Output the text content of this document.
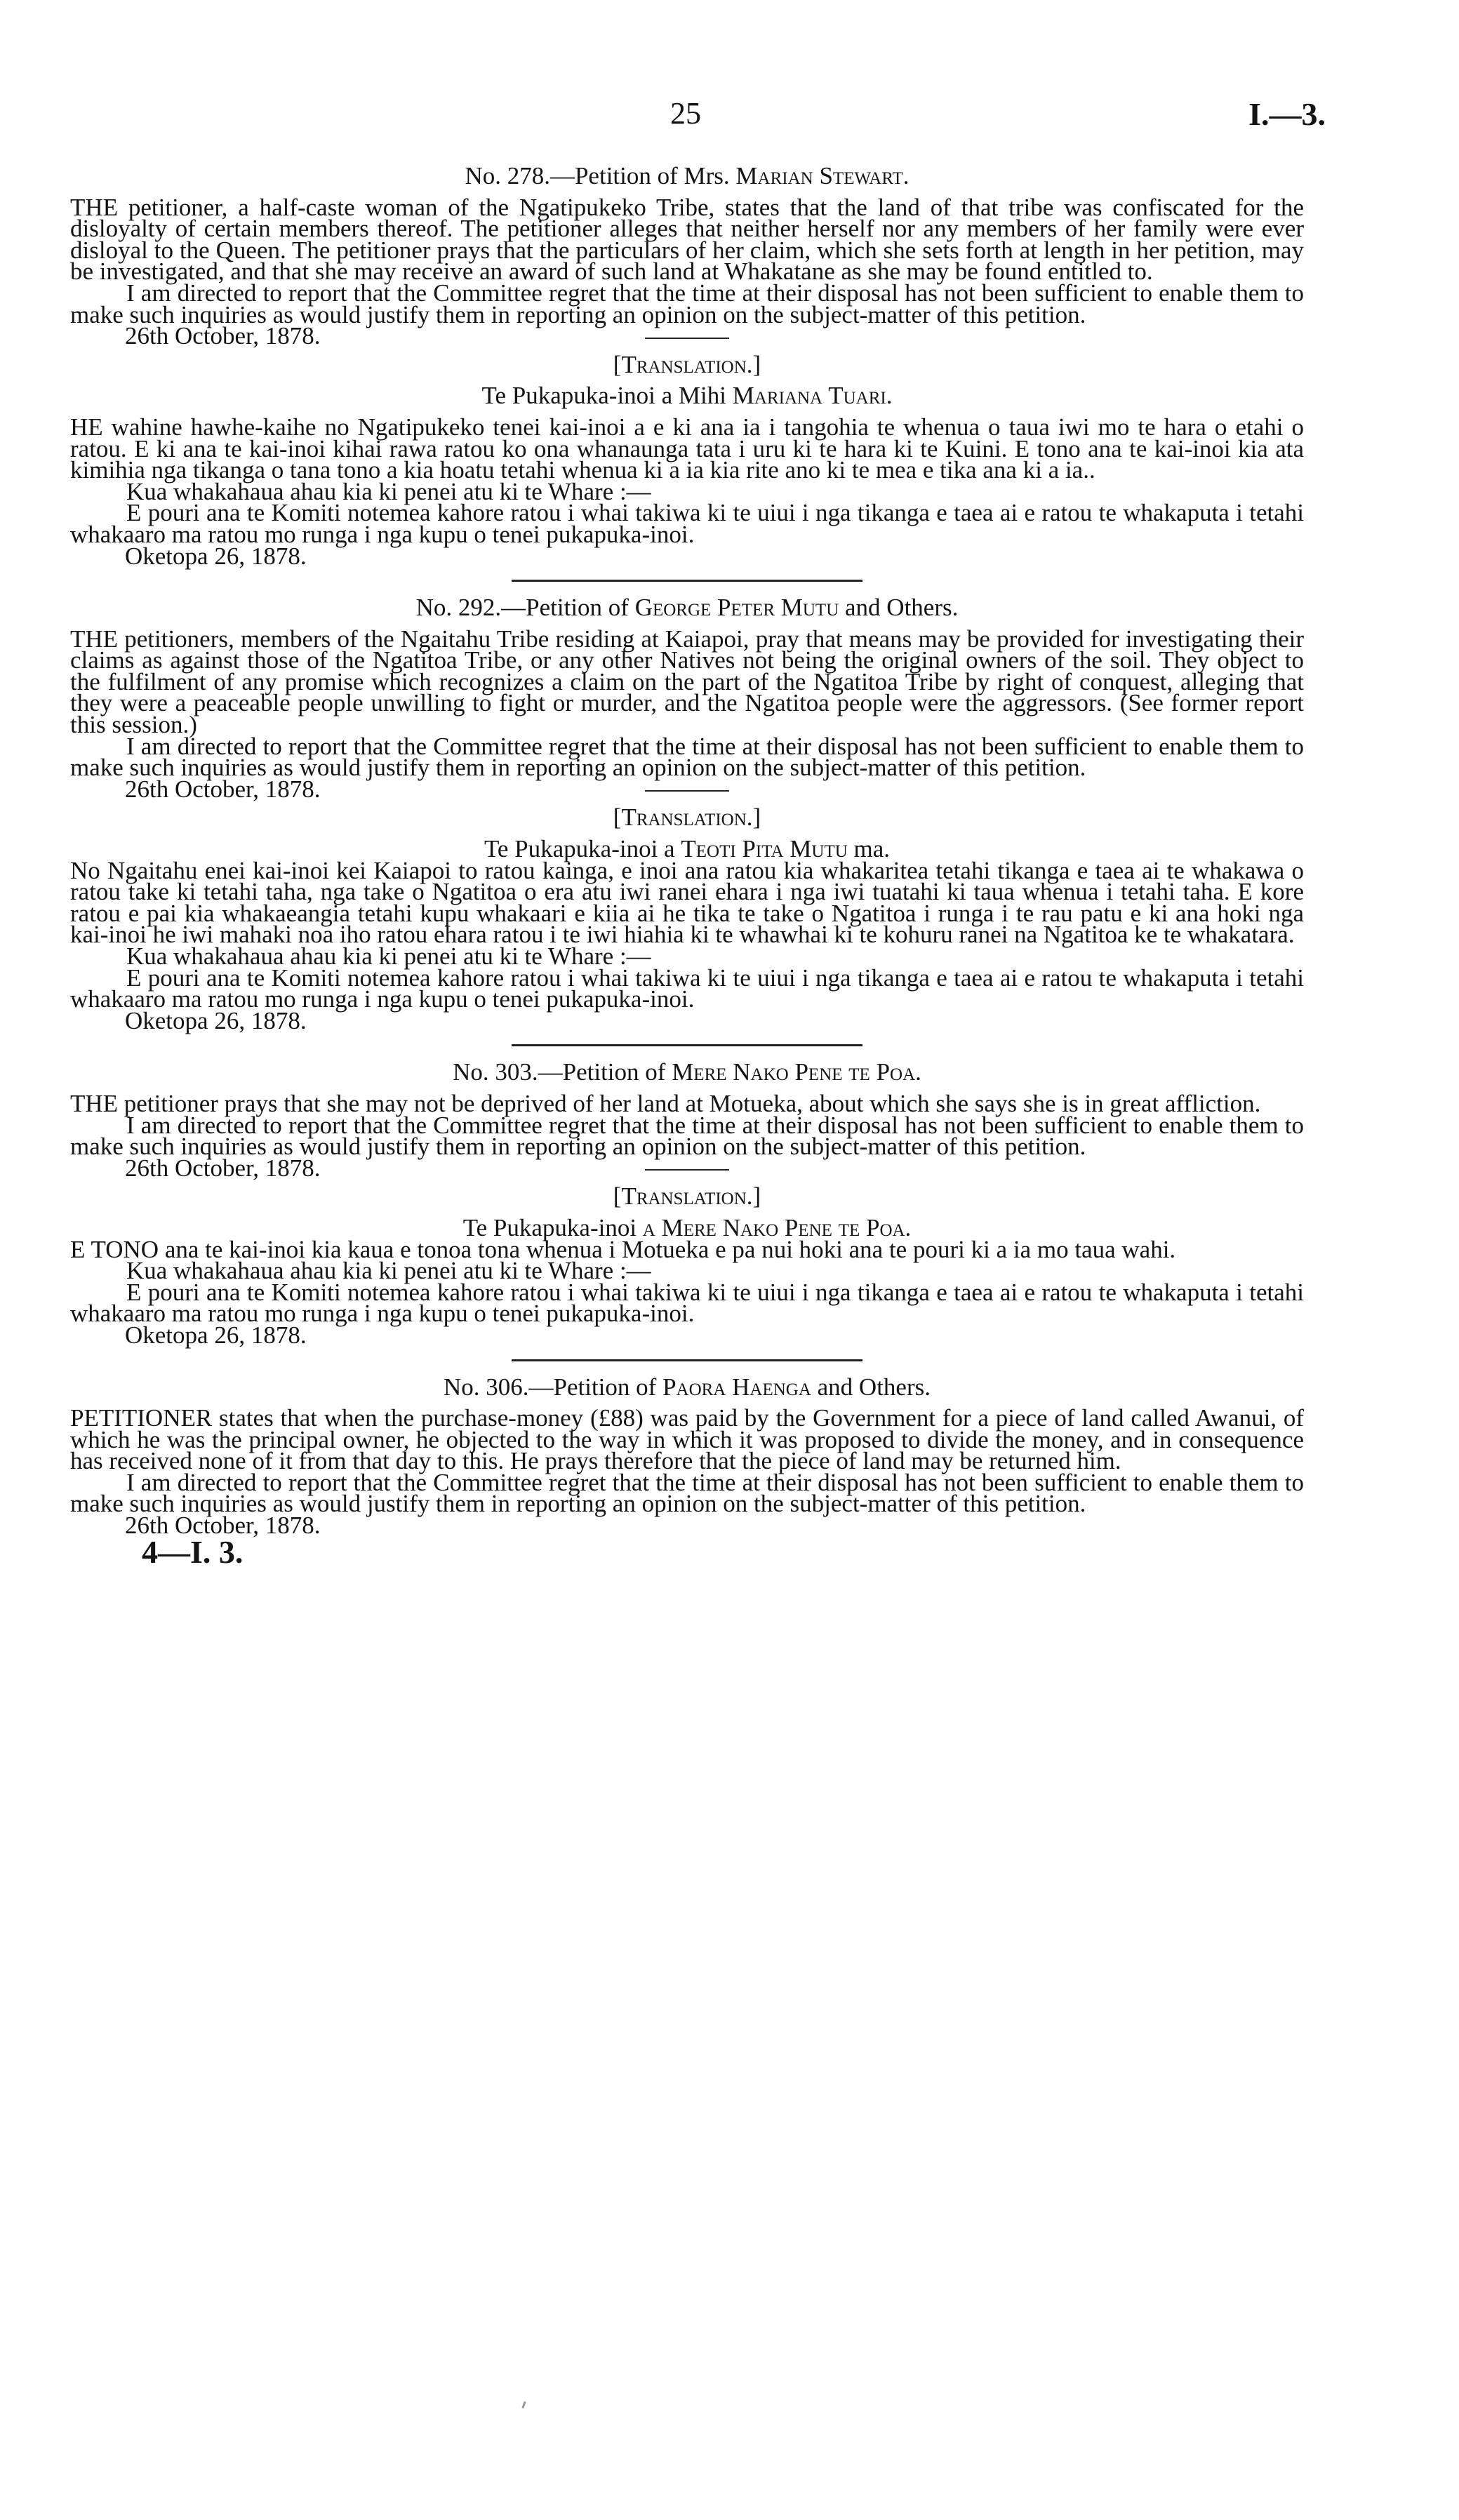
25	I.—3.

No. 278.—Petition of Mrs. Marian Stewart.

THE petitioner, a half-caste woman of the Ngatipukeko Tribe, states that the land of that tribe was confiscated for the disloyalty of certain members thereof. The petitioner alleges that neither herself nor any members of her family were ever disloyal to the Queen. The petitioner prays that the particulars of her claim, which she sets forth at length in her petition, may be investigated, and that she may receive an award of such land at Whakatane as she may be found entitled to.

I am directed to report that the Committee regret that the time at their disposal has not been sufficient to enable them to make such inquiries as would justify them in reporting an opinion on the subject-matter of this petition.

26th October, 1878.

[Translation.]

Te Pukapuka-inoi a Mihi Mariana Tuari.

HE wahine hawhe-kaihe no Ngatipukeko tenei kai-inoi a e ki ana ia i tangohia te whenua o taua iwi mo te hara o etahi o ratou. E ki ana te kai-inoi kihai rawa ratou ko ona whanaunga tata i uru ki te hara ki te Kuini. E tono ana te kai-inoi kia ata kimihia nga tikanga o tana tono a kia hoatu tetahi whenua ki a ia kia rite ano ki te mea e tika ana ki a ia..

Kua whakahaua ahau kia ki penei atu ki te Whare :—

E pouri ana te Komiti notemea kahore ratou i whai takiwa ki te uiui i nga tikanga e taea ai e ratou te whakaputa i tetahi whakaaro ma ratou mo runga i nga kupu o tenei pukapuka-inoi.

Oketopa 26, 1878.

No. 292.—Petition of George Peter Mutu and Others.

THE petitioners, members of the Ngaitahu Tribe residing at Kaiapoi, pray that means may be provided for investigating their claims as against those of the Ngatitoa Tribe, or any other Natives not being the original owners of the soil. They object to the fulfilment of any promise which recognizes a claim on the part of the Ngatitoa Tribe by right of conquest, alleging that they were a peaceable people unwilling to fight or murder, and the Ngatitoa people were the aggressors. (See former report this session.)

I am directed to report that the Committee regret that the time at their disposal has not been sufficient to enable them to make such inquiries as would justify them in reporting an opinion on the subject-matter of this petition.

26th October, 1878.

[Translation.]

Te Pukapuka-inoi a Teoti Pita Mutu ma.

No Ngaitahu enei kai-inoi kei Kaiapoi to ratou kainga, e inoi ana ratou kia whakaritea tetahi tikanga e taea ai te whakawa o ratou take ki tetahi taha, nga take o Ngatitoa o era atu iwi ranei ehara i nga iwi tuatahi ki taua whenua i tetahi taha. E kore ratou e pai kia whakaeangia tetahi kupu whakaari e kiia ai he tika te take o Ngatitoa i runga i te rau patu e ki ana hoki nga kai-inoi he iwi mahaki noa iho ratou ehara ratou i te iwi hiahia ki te whawhai ki te kohuru ranei na Ngatitoa ke te whakatara.

Kua whakahaua ahau kia ki penei atu ki te Whare :—

E pouri ana te Komiti notemea kahore ratou i whai takiwa ki te uiui i nga tikanga e taea ai e ratou te whakaputa i tetahi whakaaro ma ratou mo runga i nga kupu o tenei pukapuka-inoi.

Oketopa 26, 1878.

No. 303.—Petition of Mere Nako Pene te Poa.

THE petitioner prays that she may not be deprived of her land at Motueka, about which she says she is in great affliction.

I am directed to report that the Committee regret that the time at their disposal has not been sufficient to enable them to make such inquiries as would justify them in reporting an opinion on the subject-matter of this petition.

26th October, 1878.

[Translation.]

Te Pukapuka-inoi a Mere Nako Pene te Poa.

E TONO ana te kai-inoi kia kaua e tonoa tona whenua i Motueka e pa nui hoki ana te pouri ki a ia mo taua wahi.

Kua whakahaua ahau kia ki penei atu ki te Whare :—

E pouri ana te Komiti notemea kahore ratou i whai takiwa ki te uiui i nga tikanga e taea ai e ratou te whakaputa i tetahi whakaaro ma ratou mo runga i nga kupu o tenei pukapuka-inoi.

Oketopa 26, 1878.

No. 306.—Petition of Paora Haenga and Others.

PETITIONER states that when the purchase-money (£88) was paid by the Government for a piece of land called Awanui, of which he was the principal owner, he objected to the way in which it was proposed to divide the money, and in consequence has received none of it from that day to this. He prays therefore that the piece of land may be returned him.

I am directed to report that the Committee regret that the time at their disposal has not been sufficient to enable them to make such inquiries as would justify them in reporting an opinion on the subject-matter of this petition.

26th October, 1878.

4—I. 3.
